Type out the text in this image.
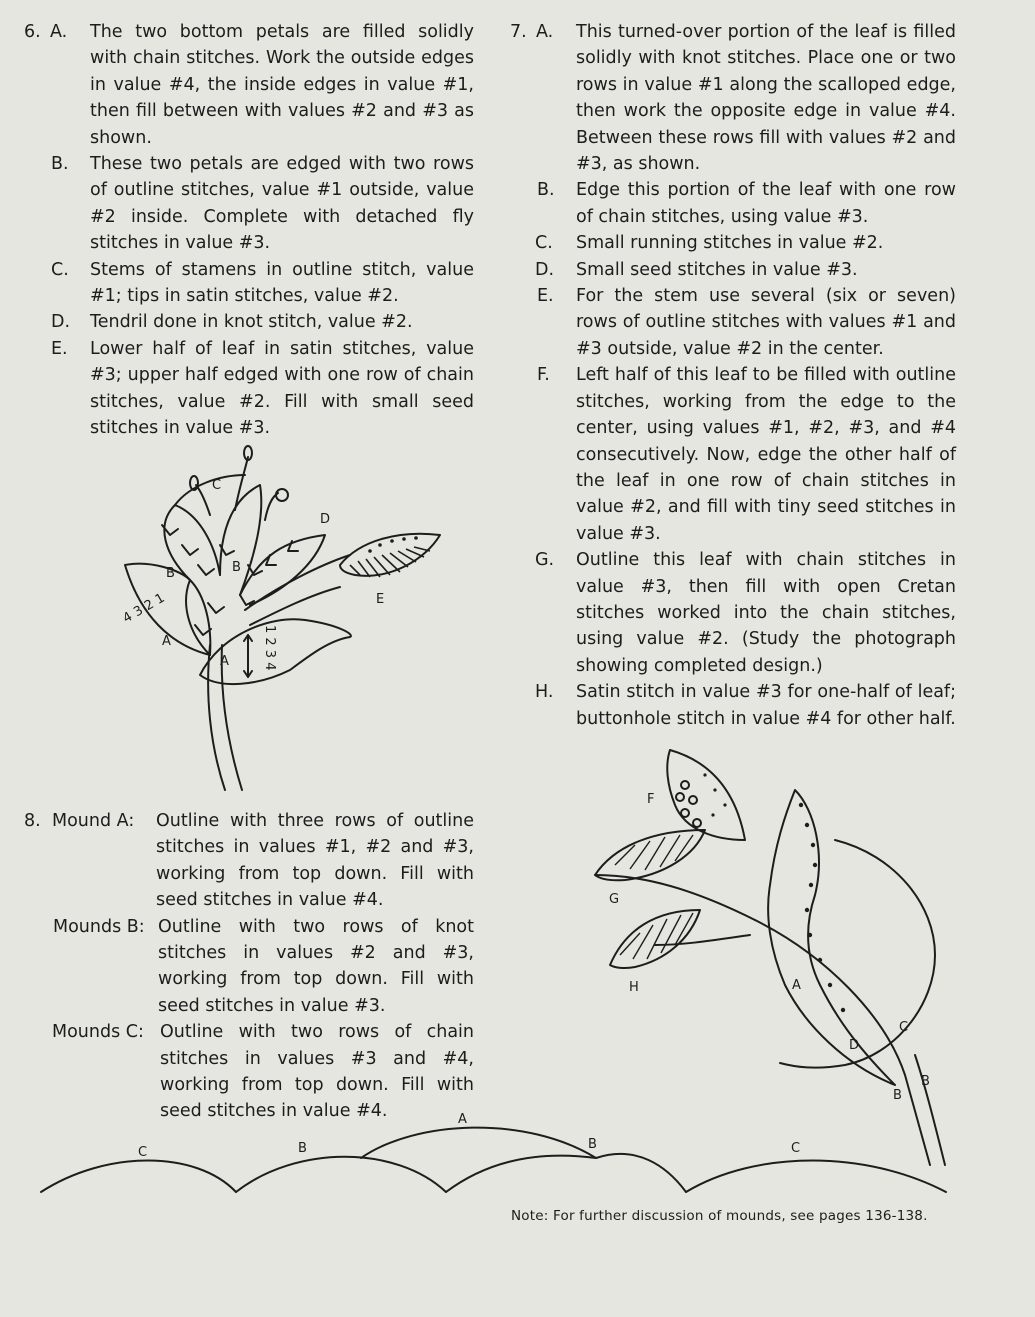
6. A. The two bottom petals are filled solidly with chain stitches. Work the outside edges in value #4, the inside edges in value #1, then fill between with values #2 and #3 as shown.
B. These two petals are edged with two rows of outline stitches, value #1 outside, value #2 inside. Complete with detached fly stitches in value #3.
C. Stems of stamens in outline stitch, value #1; tips in satin stitches, value #2.
D. Tendril done in knot stitch, value #2.
E. Lower half of leaf in satin stitches, value #3; upper half edged with one row of chain stitches, value #2. Fill with small seed stitches in value #3.
7. A. This turned-over portion of the leaf is filled solidly with knot stitches. Place one or two rows in value #1 along the scalloped edge, then work the opposite edge in value #4. Between these rows fill with values #2 and #3, as shown.
B. Edge this portion of the leaf with one row of chain stitches, using value #3.
C. Small running stitches in value #2.
D. Small seed stitches in value #3.
E. For the stem use several (six or seven) rows of outline stitches with values #1 and #3 outside, value #2 in the center.
F. Left half of this leaf to be filled with outline stitches, working from the edge to the center, using values #1, #2, #3, and #4 consecutively. Now, edge the other half of the leaf in one row of chain stitches in value #2, and fill with tiny seed stitches in value #3.
G. Outline this leaf with chain stitches in value #3, then fill with open Cretan stitches worked into the chain stitches, using value #2. (Study the photograph showing completed design.)
H. Satin stitch in value #3 for one-half of leaf; buttonhole stitch in value #4 for other half.
8. Mound A: Outline with three rows of outline stitches in values #1, #2 and #3, working from top down. Fill with seed stitches in value #4.
Mounds B: Outline with two rows of knot stitches in values #2 and #3, working from top down. Fill with seed stitches in value #3.
Mounds C: Outline with two rows of chain stitches in values #3 and #4, working from top down. Fill with seed stitches in value #4.
C
D
E
B	B
A
A
4 3 2 1
1 2 3 4
F
G
H	A
C
D
B
B
C	B
A
B	C
Note: For further discussion of mounds, see pages 136-138.
